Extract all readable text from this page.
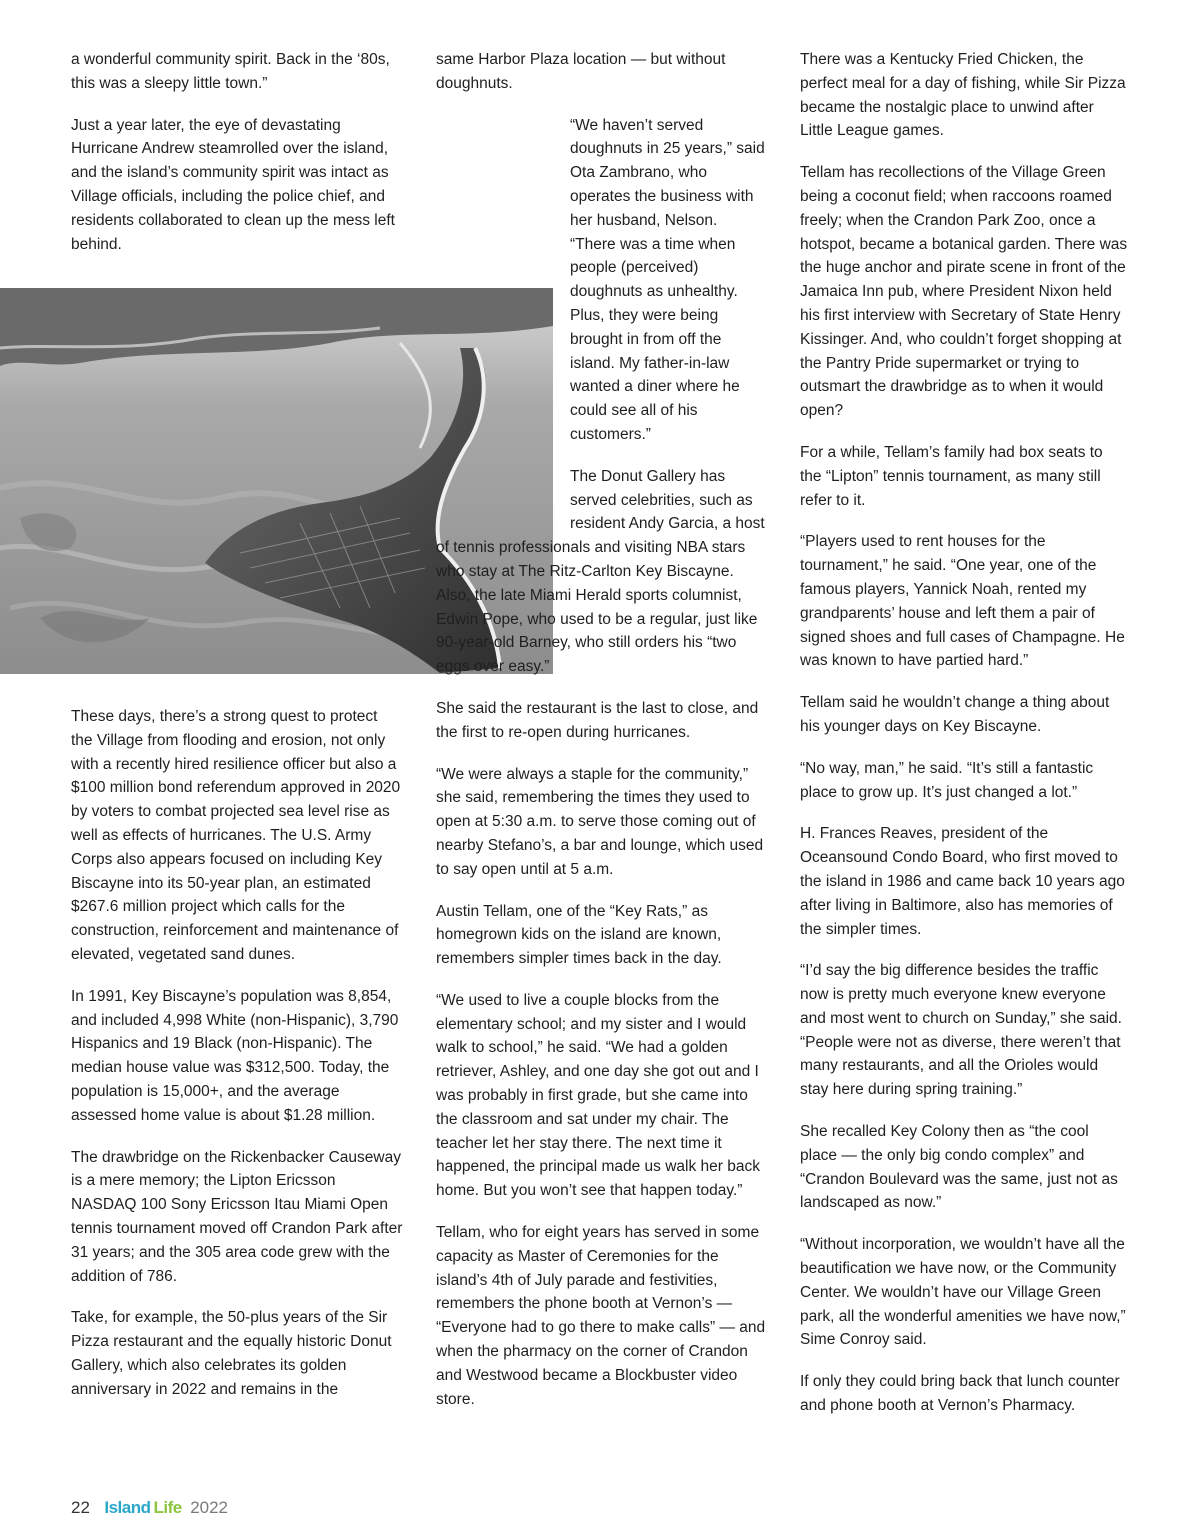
a wonderful community spirit. Back in the ‘80s, this was a sleepy little town.”

Just a year later, the eye of devastating Hurricane Andrew steamrolled over the island, and the island’s community spirit was intact as Village officials, including the police chief, and residents collaborated to clean up the mess left behind.

These days, there’s a strong quest to protect the Village from flooding and erosion, not only with a recently hired resilience officer but also a $100 million bond referendum approved in 2020 by voters to combat projected sea level rise as well as effects of hurricanes. The U.S. Army Corps also appears focused on including Key Biscayne into its 50-year plan, an estimated $267.6 million project which calls for the construction, reinforcement and maintenance of elevated, vegetated sand dunes.

In 1991, Key Biscayne’s population was 8,854, and included 4,998 White (non-Hispanic), 3,790 Hispanics and 19 Black (non-Hispanic). The median house value was $312,500. Today, the population is 15,000+, and the average assessed home value is about $1.28 million.

The drawbridge on the Rickenbacker Causeway is a mere memory; the Lipton Ericsson NASDAQ 100 Sony Ericsson Itau Miami Open tennis tournament moved off Crandon Park after 31 years; and the 305 area code grew with the addition of 786.

Take, for example, the 50-plus years of the Sir Pizza restaurant and the equally historic Donut Gallery, which also celebrates its golden anniversary in 2022 and remains in the

same Harbor Plaza location — but without doughnuts.

“We haven’t served doughnuts in 25 years,” said Ota Zambrano, who operates the business with her husband, Nelson. “There was a time when people (perceived) doughnuts as unhealthy. Plus, they were being brought in from off the island. My father-in-law wanted a diner where he could see all of his customers.”

The Donut Gallery has served celebrities, such as resident Andy Garcia, a host of tennis professionals and visiting NBA stars who stay at The Ritz-Carlton Key Biscayne. Also, the late Miami Herald sports columnist, Edwin Pope, who used to be a regular, just like 90-year-old Barney, who still orders his “two eggs over easy.”

She said the restaurant is the last to close, and the first to re-open during hurricanes.

“We were always a staple for the community,” she said, remembering the times they used to open at 5:30 a.m. to serve those coming out of nearby Stefano’s, a bar and lounge, which used to say open until at 5 a.m.

Austin Tellam, one of the “Key Rats,” as homegrown kids on the island are known, remembers simpler times back in the day.

“We used to live a couple blocks from the elementary school; and my sister and I would walk to school,” he said. “We had a golden retriever, Ashley, and one day she got out and I was probably in first grade, but she came into the classroom and sat under my chair. The teacher let her stay there. The next time it happened, the principal made us walk her back home. But you won’t see that happen today.”

Tellam, who for eight years has served in some capacity as Master of Ceremonies for the island’s 4th of July parade and festivities, remembers the phone booth at Vernon’s — “Everyone had to go there to make calls” — and when the pharmacy on the corner of Crandon and Westwood became a Blockbuster video store.

There was a Kentucky Fried Chicken, the perfect meal for a day of fishing, while Sir Pizza became the nostalgic place to unwind after Little League games.

Tellam has recollections of the Village Green being a coconut field; when raccoons roamed freely; when the Crandon Park Zoo, once a hotspot, became a botanical garden. There was the huge anchor and pirate scene in front of the Jamaica Inn pub, where President Nixon held his first interview with Secretary of State Henry Kissinger. And, who couldn’t forget shopping at the Pantry Pride supermarket or trying to outsmart the drawbridge as to when it would open?

For a while, Tellam’s family had box seats to the “Lipton” tennis tournament, as many still refer to it.

“Players used to rent houses for the tournament,” he said. “One year, one of the famous players, Yannick Noah, rented my grandparents’ house and left them a pair of signed shoes and full cases of Champagne. He was known to have partied hard.”

Tellam said he wouldn’t change a thing about his younger days on Key Biscayne.

“No way, man,” he said. “It’s still a fantastic place to grow up. It’s just changed a lot.”

H. Frances Reaves, president of the Oceansound Condo Board, who first moved to the island in 1986 and came back 10 years ago after living in Baltimore, also has memories of the simpler times.

“I’d say the big difference besides the traffic now is pretty much everyone knew everyone and most went to church on Sunday,” she said. “People were not as diverse, there weren’t that many restaurants, and all the Orioles would stay here during spring training.”

She recalled Key Colony then as “the cool place — the only big condo complex” and “Crandon Boulevard was the same, just not as landscaped as now.”

“Without incorporation, we wouldn’t have all the beautification we have now, or the Community Center. We wouldn’t have our Village Green park, all the wonderful amenities we have now,” Sime Conroy said.

If only they could bring back that lunch counter and phone booth at Vernon’s Pharmacy.

22 Island Life 2022
